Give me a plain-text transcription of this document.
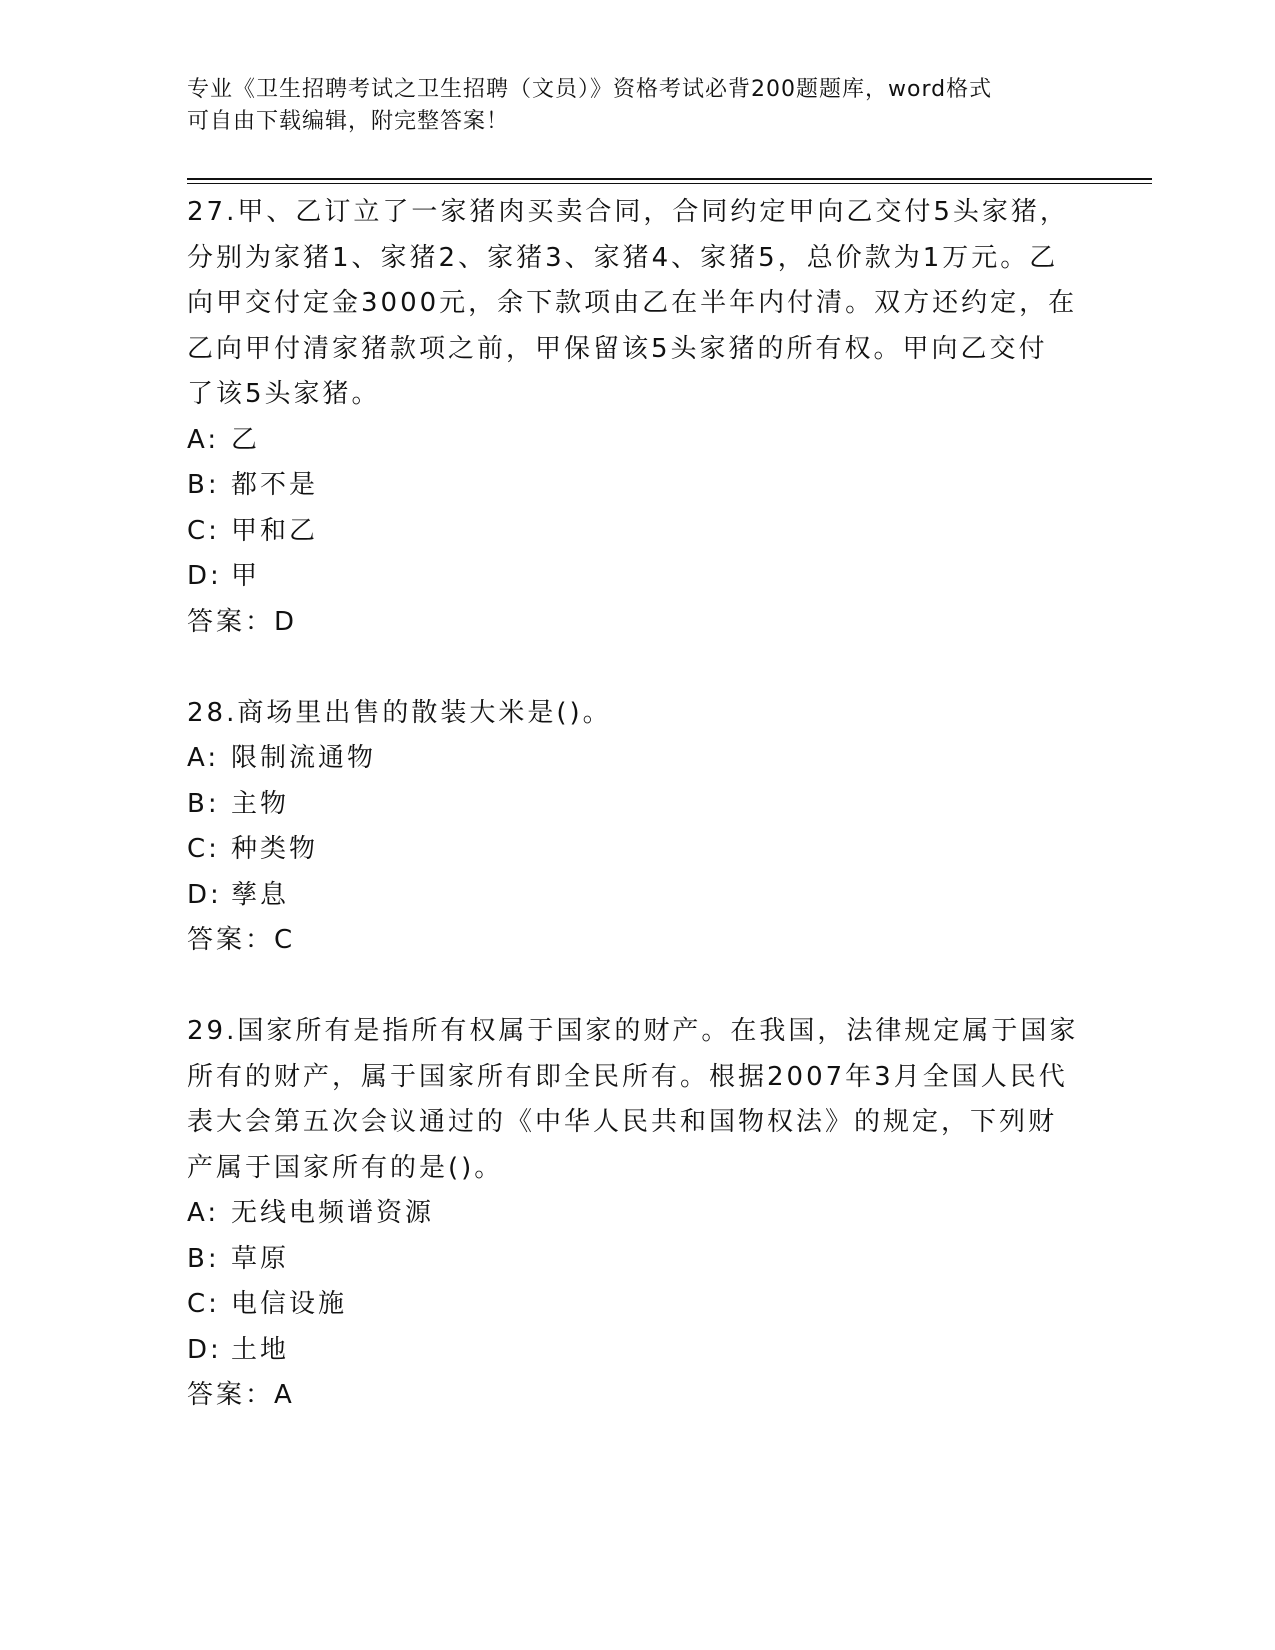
专业《卫生招聘考试之卫生招聘（文员）》资格考试必背200题题库，word格式
可自由下载编辑，附完整答案！

27.甲、乙订立了一家猪肉买卖合同，合同约定甲向乙交付5头家猪，

分别为家猪1、家猪2、家猪3、家猪4、家猪5，总价款为1万元。乙

向甲交付定金3000元，余下款项由乙在半年内付清。双方还约定，在

乙向甲付清家猪款项之前，甲保留该5头家猪的所有权。甲向乙交付

了该5头家猪。

A: 乙

B: 都不是

C: 甲和乙

D: 甲

答案：D

28.商场里出售的散装大米是()。

A: 限制流通物

B: 主物

C: 种类物

D: 孳息

答案：C

29.国家所有是指所有权属于国家的财产。在我国，法律规定属于国家

所有的财产，属于国家所有即全民所有。根据2007年3月全国人民代

表大会第五次会议通过的《中华人民共和国物权法》的规定，下列财

产属于国家所有的是()。

A: 无线电频谱资源

B: 草原

C: 电信设施

D: 土地

答案：A
